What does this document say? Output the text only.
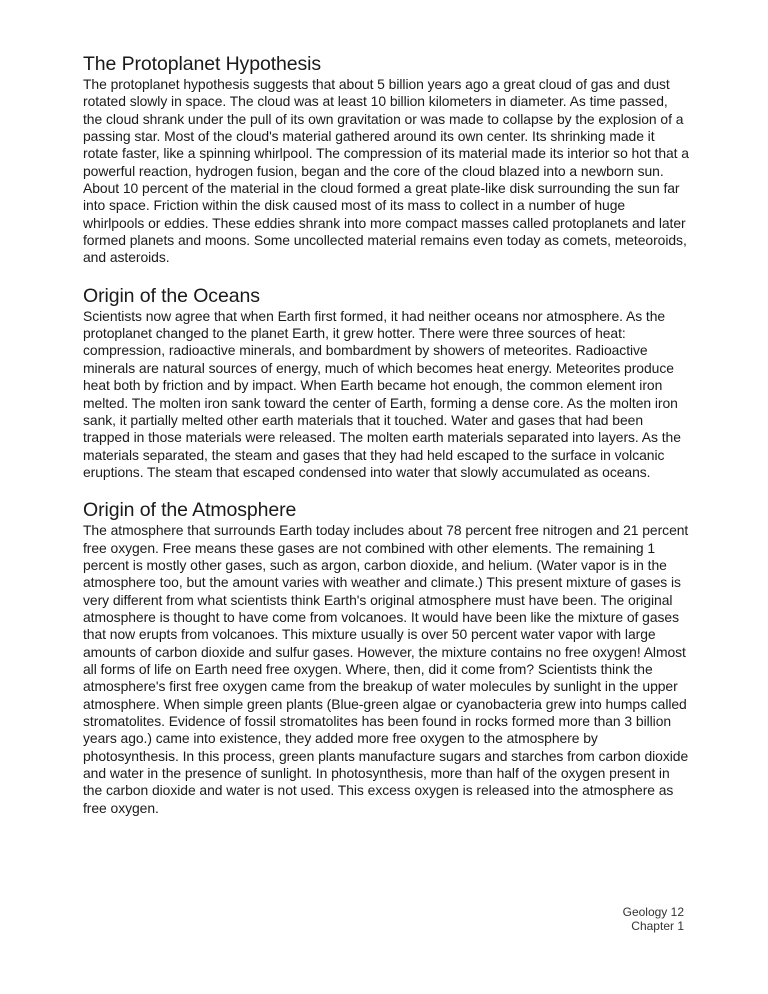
The Protoplanet Hypothesis

The protoplanet hypothesis suggests that about 5 billion years ago a great cloud of gas and dust rotated slowly in space. The cloud was at least 10 billion kilometers in diameter. As time passed, the cloud shrank under the pull of its own gravitation or was made to collapse by the explosion of a passing star. Most of the cloud's material gathered around its own center. Its shrinking made it rotate faster, like a spinning whirlpool. The compression of its material made its interior so hot that a powerful reaction, hydrogen fusion, began and the core of the cloud blazed into a newborn sun. About 10 percent of the material in the cloud formed a great plate-like disk surrounding the sun far into space. Friction within the disk caused most of its mass to collect in a number of huge whirlpools or eddies. These eddies shrank into more compact masses called protoplanets and later formed planets and moons. Some uncollected material remains even today as comets, meteoroids, and asteroids.

Origin of the Oceans

Scientists now agree that when Earth first formed, it had neither oceans nor atmosphere. As the protoplanet changed to the planet Earth, it grew hotter. There were three sources of heat: compression, radioactive minerals, and bombardment by showers of meteorites. Radioactive minerals are natural sources of energy, much of which becomes heat energy. Meteorites produce heat both by friction and by impact. When Earth became hot enough, the common element iron melted. The molten iron sank toward the center of Earth, forming a dense core. As the molten iron sank, it partially melted other earth materials that it touched. Water and gases that had been trapped in those materials were released. The molten earth materials separated into layers. As the materials separated, the steam and gases that they had held escaped to the surface in volcanic eruptions. The steam that escaped condensed into water that slowly accumulated as oceans.

Origin of the Atmosphere

The atmosphere that surrounds Earth today includes about 78 percent free nitrogen and 21 percent free oxygen. Free means these gases are not combined with other elements. The remaining 1 percent is mostly other gases, such as argon, carbon dioxide, and helium. (Water vapor is in the atmosphere too, but the amount varies with weather and climate.) This present mixture of gases is very different from what scientists think Earth's original atmosphere must have been. The original atmosphere is thought to have come from volcanoes. It would have been like the mixture of gases that now erupts from volcanoes. This mixture usually is over 50 percent water vapor with large amounts of carbon dioxide and sulfur gases. However, the mixture contains no free oxygen! Almost all forms of life on Earth need free oxygen. Where, then, did it come from? Scientists think the atmosphere's first free oxygen came from the breakup of water molecules by sunlight in the upper atmosphere. When simple green plants (Blue-green algae or cyanobacteria grew into humps called stromatolites. Evidence of fossil stromatolites has been found in rocks formed more than 3 billion years ago.) came into existence, they added more free oxygen to the atmosphere by photosynthesis. In this process, green plants manufacture sugars and starches from carbon dioxide and water in the presence of sunlight. In photosynthesis, more than half of the oxygen present in the carbon dioxide and water is not used. This excess oxygen is released into the atmosphere as free oxygen.

Geology 12
Chapter 1
